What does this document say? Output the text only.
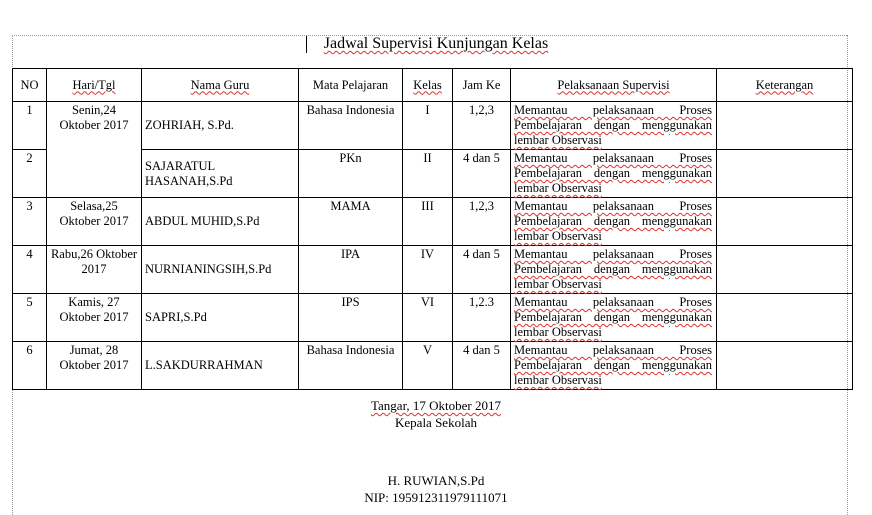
Jadwal Supervisi Kunjungan Kelas
NO	Hari/Tgl	Nama Guru	Mata Pelajaran	Kelas	Jam Ke	Pelaksanaan Supervisi	Keterangan
1	Senin,24 Oktober 2017	ZOHRIAH, S.Pd.	Bahasa Indonesia	I	1,2,3	Memantau pelaksanaan Proses Pembelajaran dengan menggunakan lembar Observasi	
2		SAJARATUL HASANAH,S.Pd	PKn	II	4 dan 5	Memantau pelaksanaan Proses Pembelajaran dengan menggunakan lembar Observasi	
3	Selasa,25 Oktober 2017	ABDUL MUHID,S.Pd	MAMA	III	1,2,3	Memantau pelaksanaan Proses Pembelajaran dengan menggunakan lembar Observasi	
4	Rabu,26 Oktober 2017	NURNIANINGSIH,S.Pd	IPA	IV	4 dan 5	Memantau pelaksanaan Proses Pembelajaran dengan menggunakan lembar Observasi	
5	Kamis, 27 Oktober 2017	SAPRI,S.Pd	IPS	VI	1,2.3	Memantau pelaksanaan Proses Pembelajaran dengan menggunakan lembar Observasi	
6	Jumat, 28 Oktober 2017	L.SAKDURRAHMAN	Bahasa Indonesia	V	4 dan 5	Memantau pelaksanaan Proses Pembelajaran dengan menggunakan lembar Observasi	
Tangar, 17 Oktober 2017
Kepala Sekolah
H. RUWIAN,S.Pd
NIP: 195912311979111071
